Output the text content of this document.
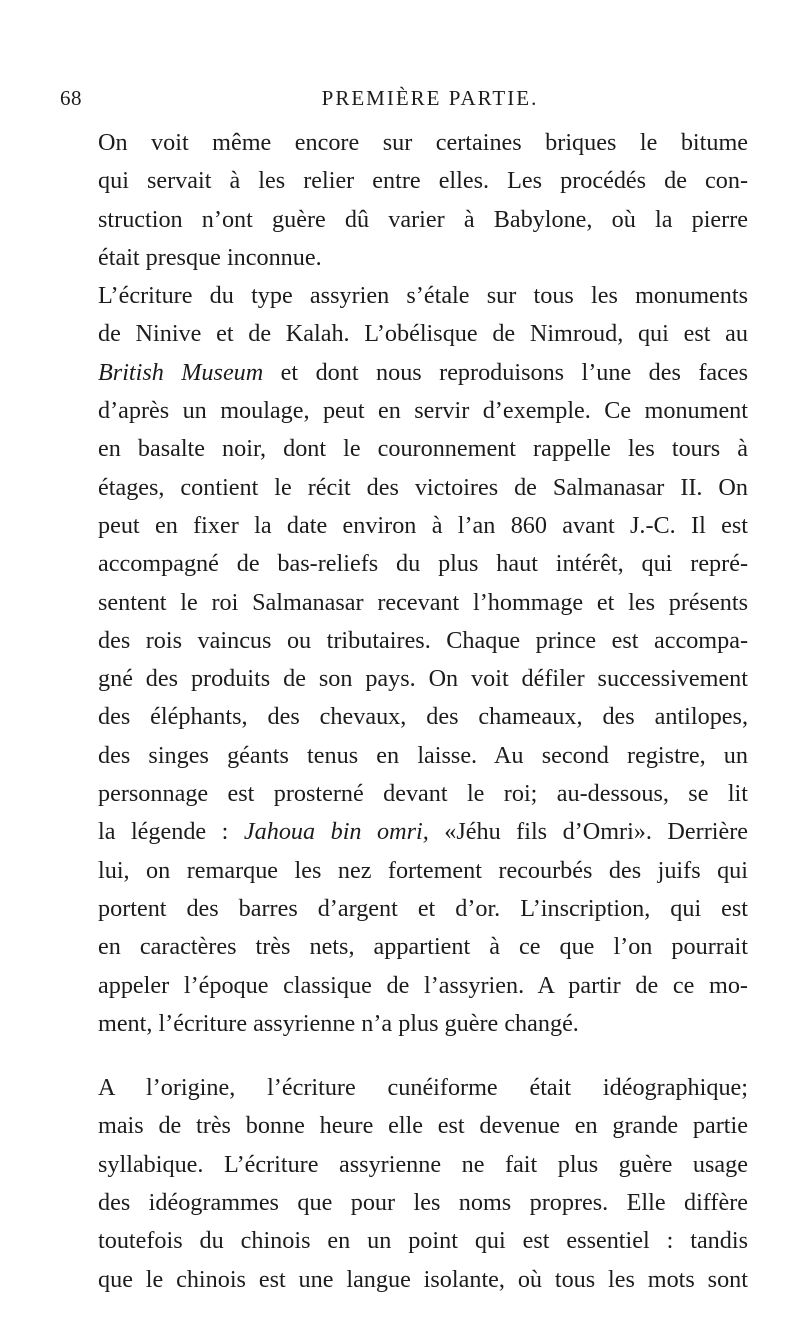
68	PREMIÈRE PARTIE.

On voit même encore sur certaines briques le bitume
qui servait à les relier entre elles. Les procédés de con-
struction n’ont guère dû varier à Babylone, où la pierre
était presque inconnue.

L’écriture du type assyrien s’étale sur tous les monuments
de Ninive et de Kalah. L’obélisque de Nimroud, qui est au
British Museum et dont nous reproduisons l’une des faces
d’après un moulage, peut en servir d’exemple. Ce monument
en basalte noir, dont le couronnement rappelle les tours à
étages, contient le récit des victoires de Salmanasar II. On
peut en fixer la date environ à l’an 860 avant J.-C. Il est
accompagné de bas-reliefs du plus haut intérêt, qui repré-
sentent le roi Salmanasar recevant l’hommage et les présents
des rois vaincus ou tributaires. Chaque prince est accompa-
gné des produits de son pays. On voit défiler successivement
des éléphants, des chevaux, des chameaux, des antilopes,
des singes géants tenus en laisse. Au second registre, un
personnage est prosterné devant le roi; au-dessous, se lit
la légende : Jahoua bin omri, «Jéhu fils d’Omri». Derrière
lui, on remarque les nez fortement recourbés des juifs qui
portent des barres d’argent et d’or. L’inscription, qui est
en caractères très nets, appartient à ce que l’on pourrait
appeler l’époque classique de l’assyrien. A partir de ce mo-
ment, l’écriture assyrienne n’a plus guère changé.

A l’origine, l’écriture cunéiforme était idéographique;
mais de très bonne heure elle est devenue en grande partie
syllabique. L’écriture assyrienne ne fait plus guère usage
des idéogrammes que pour les noms propres. Elle diffère
toutefois du chinois en un point qui est essentiel : tandis
que le chinois est une langue isolante, où tous les mots sont
